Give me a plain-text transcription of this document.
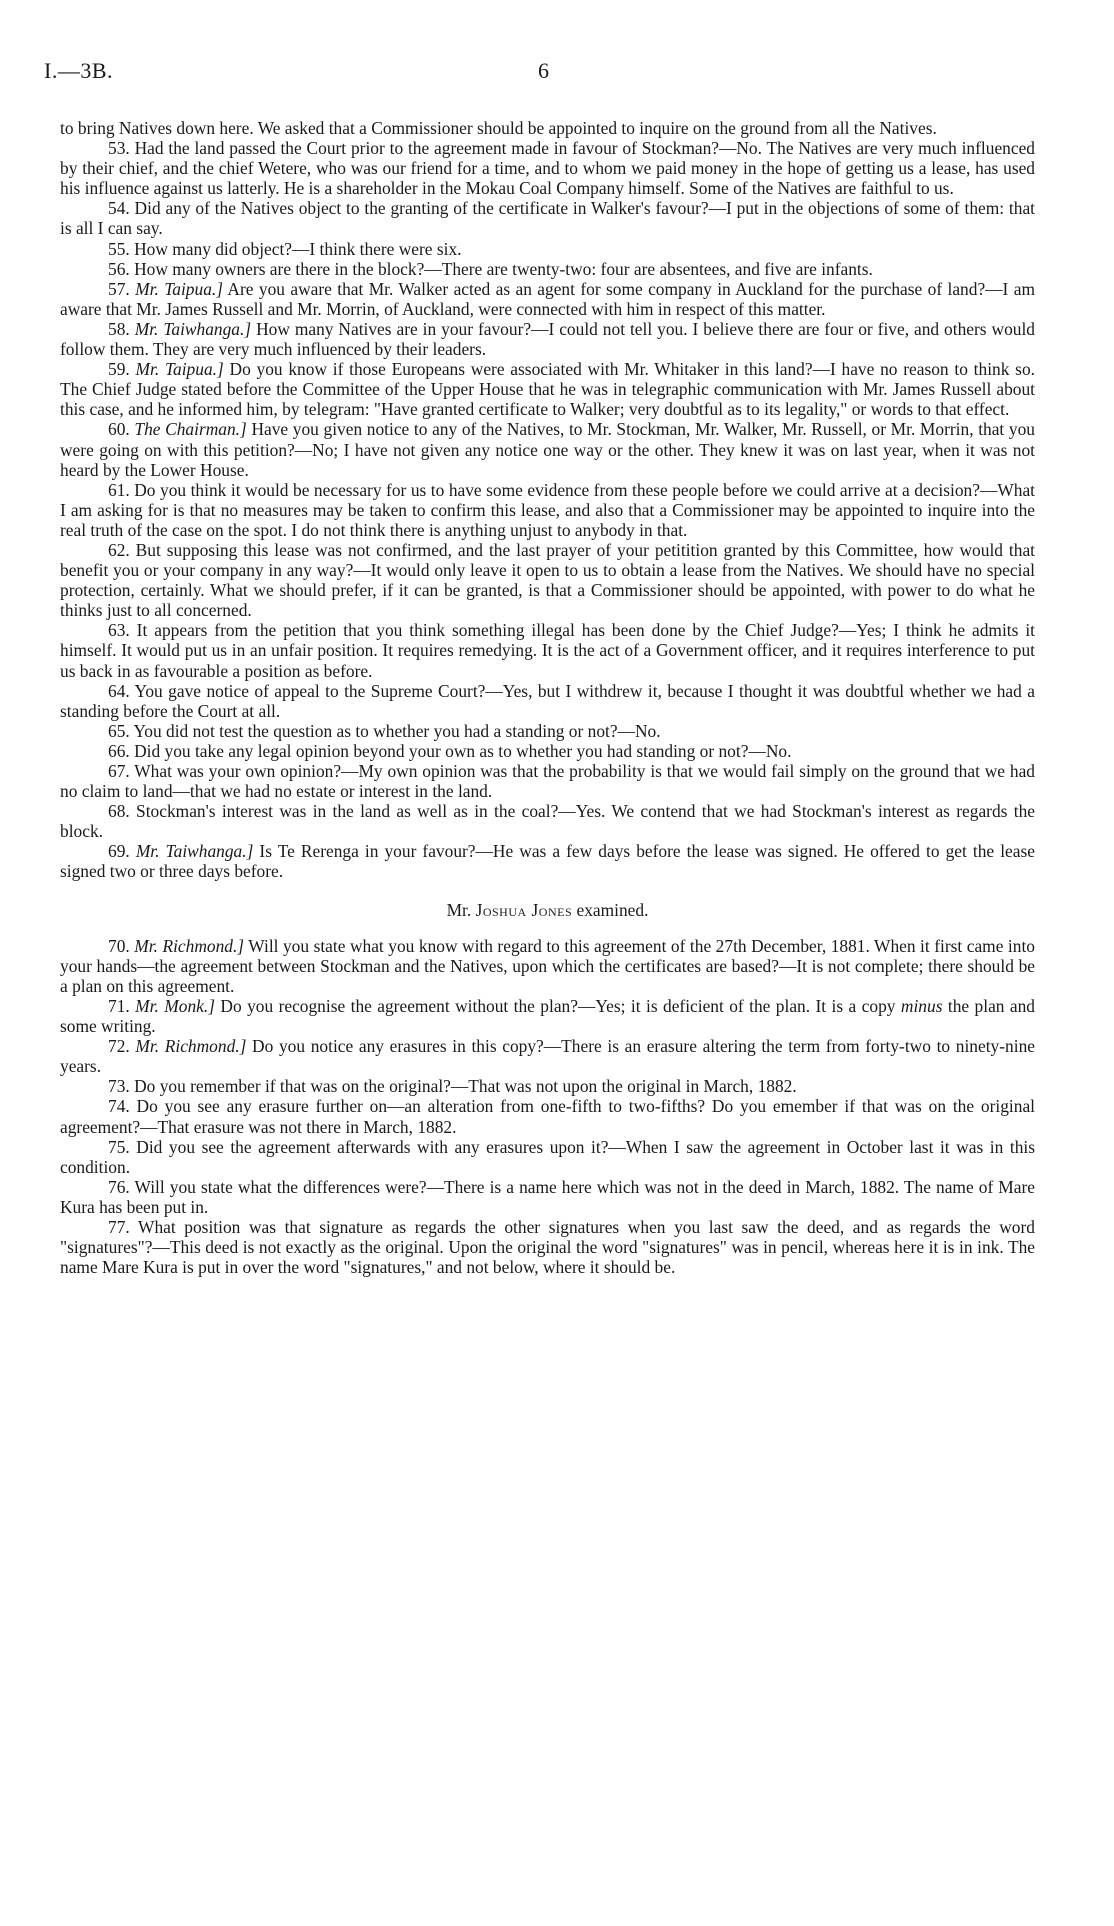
I.—3B.	6

to bring Natives down here. We asked that a Commissioner should be appointed to inquire on the ground from all the Natives.

53. Had the land passed the Court prior to the agreement made in favour of Stockman?—No. The Natives are very much influenced by their chief, and the chief Wetere, who was our friend for a time, and to whom we paid money in the hope of getting us a lease, has used his influence against us latterly. He is a shareholder in the Mokau Coal Company himself. Some of the Natives are faithful to us.

54. Did any of the Natives object to the granting of the certificate in Walker's favour?—I put in the objections of some of them: that is all I can say.

55. How many did object?—I think there were six.

56. How many owners are there in the block?—There are twenty-two: four are absentees, and five are infants.

57. Mr. Taipua.] Are you aware that Mr. Walker acted as an agent for some company in Auckland for the purchase of land?—I am aware that Mr. James Russell and Mr. Morrin, of Auckland, were connected with him in respect of this matter.

58. Mr. Taiwhanga.] How many Natives are in your favour?—I could not tell you. I believe there are four or five, and others would follow them. They are very much influenced by their leaders.

59. Mr. Taipua.] Do you know if those Europeans were associated with Mr. Whitaker in this land?—I have no reason to think so. The Chief Judge stated before the Committee of the Upper House that he was in telegraphic communication with Mr. James Russell about this case, and he informed him, by telegram: "Have granted certificate to Walker; very doubtful as to its legality," or words to that effect.

60. The Chairman.] Have you given notice to any of the Natives, to Mr. Stockman, Mr. Walker, Mr. Russell, or Mr. Morrin, that you were going on with this petition?—No; I have not given any notice one way or the other. They knew it was on last year, when it was not heard by the Lower House.

61. Do you think it would be necessary for us to have some evidence from these people before we could arrive at a decision?—What I am asking for is that no measures may be taken to confirm this lease, and also that a Commissioner may be appointed to inquire into the real truth of the case on the spot. I do not think there is anything unjust to anybody in that.

62. But supposing this lease was not confirmed, and the last prayer of your petitition granted by this Committee, how would that benefit you or your company in any way?—It would only leave it open to us to obtain a lease from the Natives. We should have no special protection, certainly. What we should prefer, if it can be granted, is that a Commissioner should be appointed, with power to do what he thinks just to all concerned.

63. It appears from the petition that you think something illegal has been done by the Chief Judge?—Yes; I think he admits it himself. It would put us in an unfair position. It requires remedying. It is the act of a Government officer, and it requires interference to put us back in as favourable a position as before.

64. You gave notice of appeal to the Supreme Court?—Yes, but I withdrew it, because I thought it was doubtful whether we had a standing before the Court at all.

65. You did not test the question as to whether you had a standing or not?—No.

66. Did you take any legal opinion beyond your own as to whether you had standing or not?—No.

67. What was your own opinion?—My own opinion was that the probability is that we would fail simply on the ground that we had no claim to land—that we had no estate or interest in the land.

68. Stockman's interest was in the land as well as in the coal?—Yes. We contend that we had Stockman's interest as regards the block.

69. Mr. Taiwhanga.] Is Te Rerenga in your favour?—He was a few days before the lease was signed. He offered to get the lease signed two or three days before.

Mr. Joshua Jones examined.

70. Mr. Richmond.] Will you state what you know with regard to this agreement of the 27th December, 1881. When it first came into your hands—the agreement between Stockman and the Natives, upon which the certificates are based?—It is not complete; there should be a plan on this agreement.

71. Mr. Monk.] Do you recognise the agreement without the plan?—Yes; it is deficient of the plan. It is a copy minus the plan and some writing.

72. Mr. Richmond.] Do you notice any erasures in this copy?—There is an erasure altering the term from forty-two to ninety-nine years.

73. Do you remember if that was on the original?—That was not upon the original in March, 1882.

74. Do you see any erasure further on—an alteration from one-fifth to two-fifths? Do you emember if that was on the original agreement?—That erasure was not there in March, 1882.

75. Did you see the agreement afterwards with any erasures upon it?—When I saw the agreement in October last it was in this condition.

76. Will you state what the differences were?—There is a name here which was not in the deed in March, 1882. The name of Mare Kura has been put in.

77. What position was that signature as regards the other signatures when you last saw the deed, and as regards the word "signatures"?—This deed is not exactly as the original. Upon the original the word "signatures" was in pencil, whereas here it is in ink. The name Mare Kura is put in over the word "signatures," and not below, where it should be.
